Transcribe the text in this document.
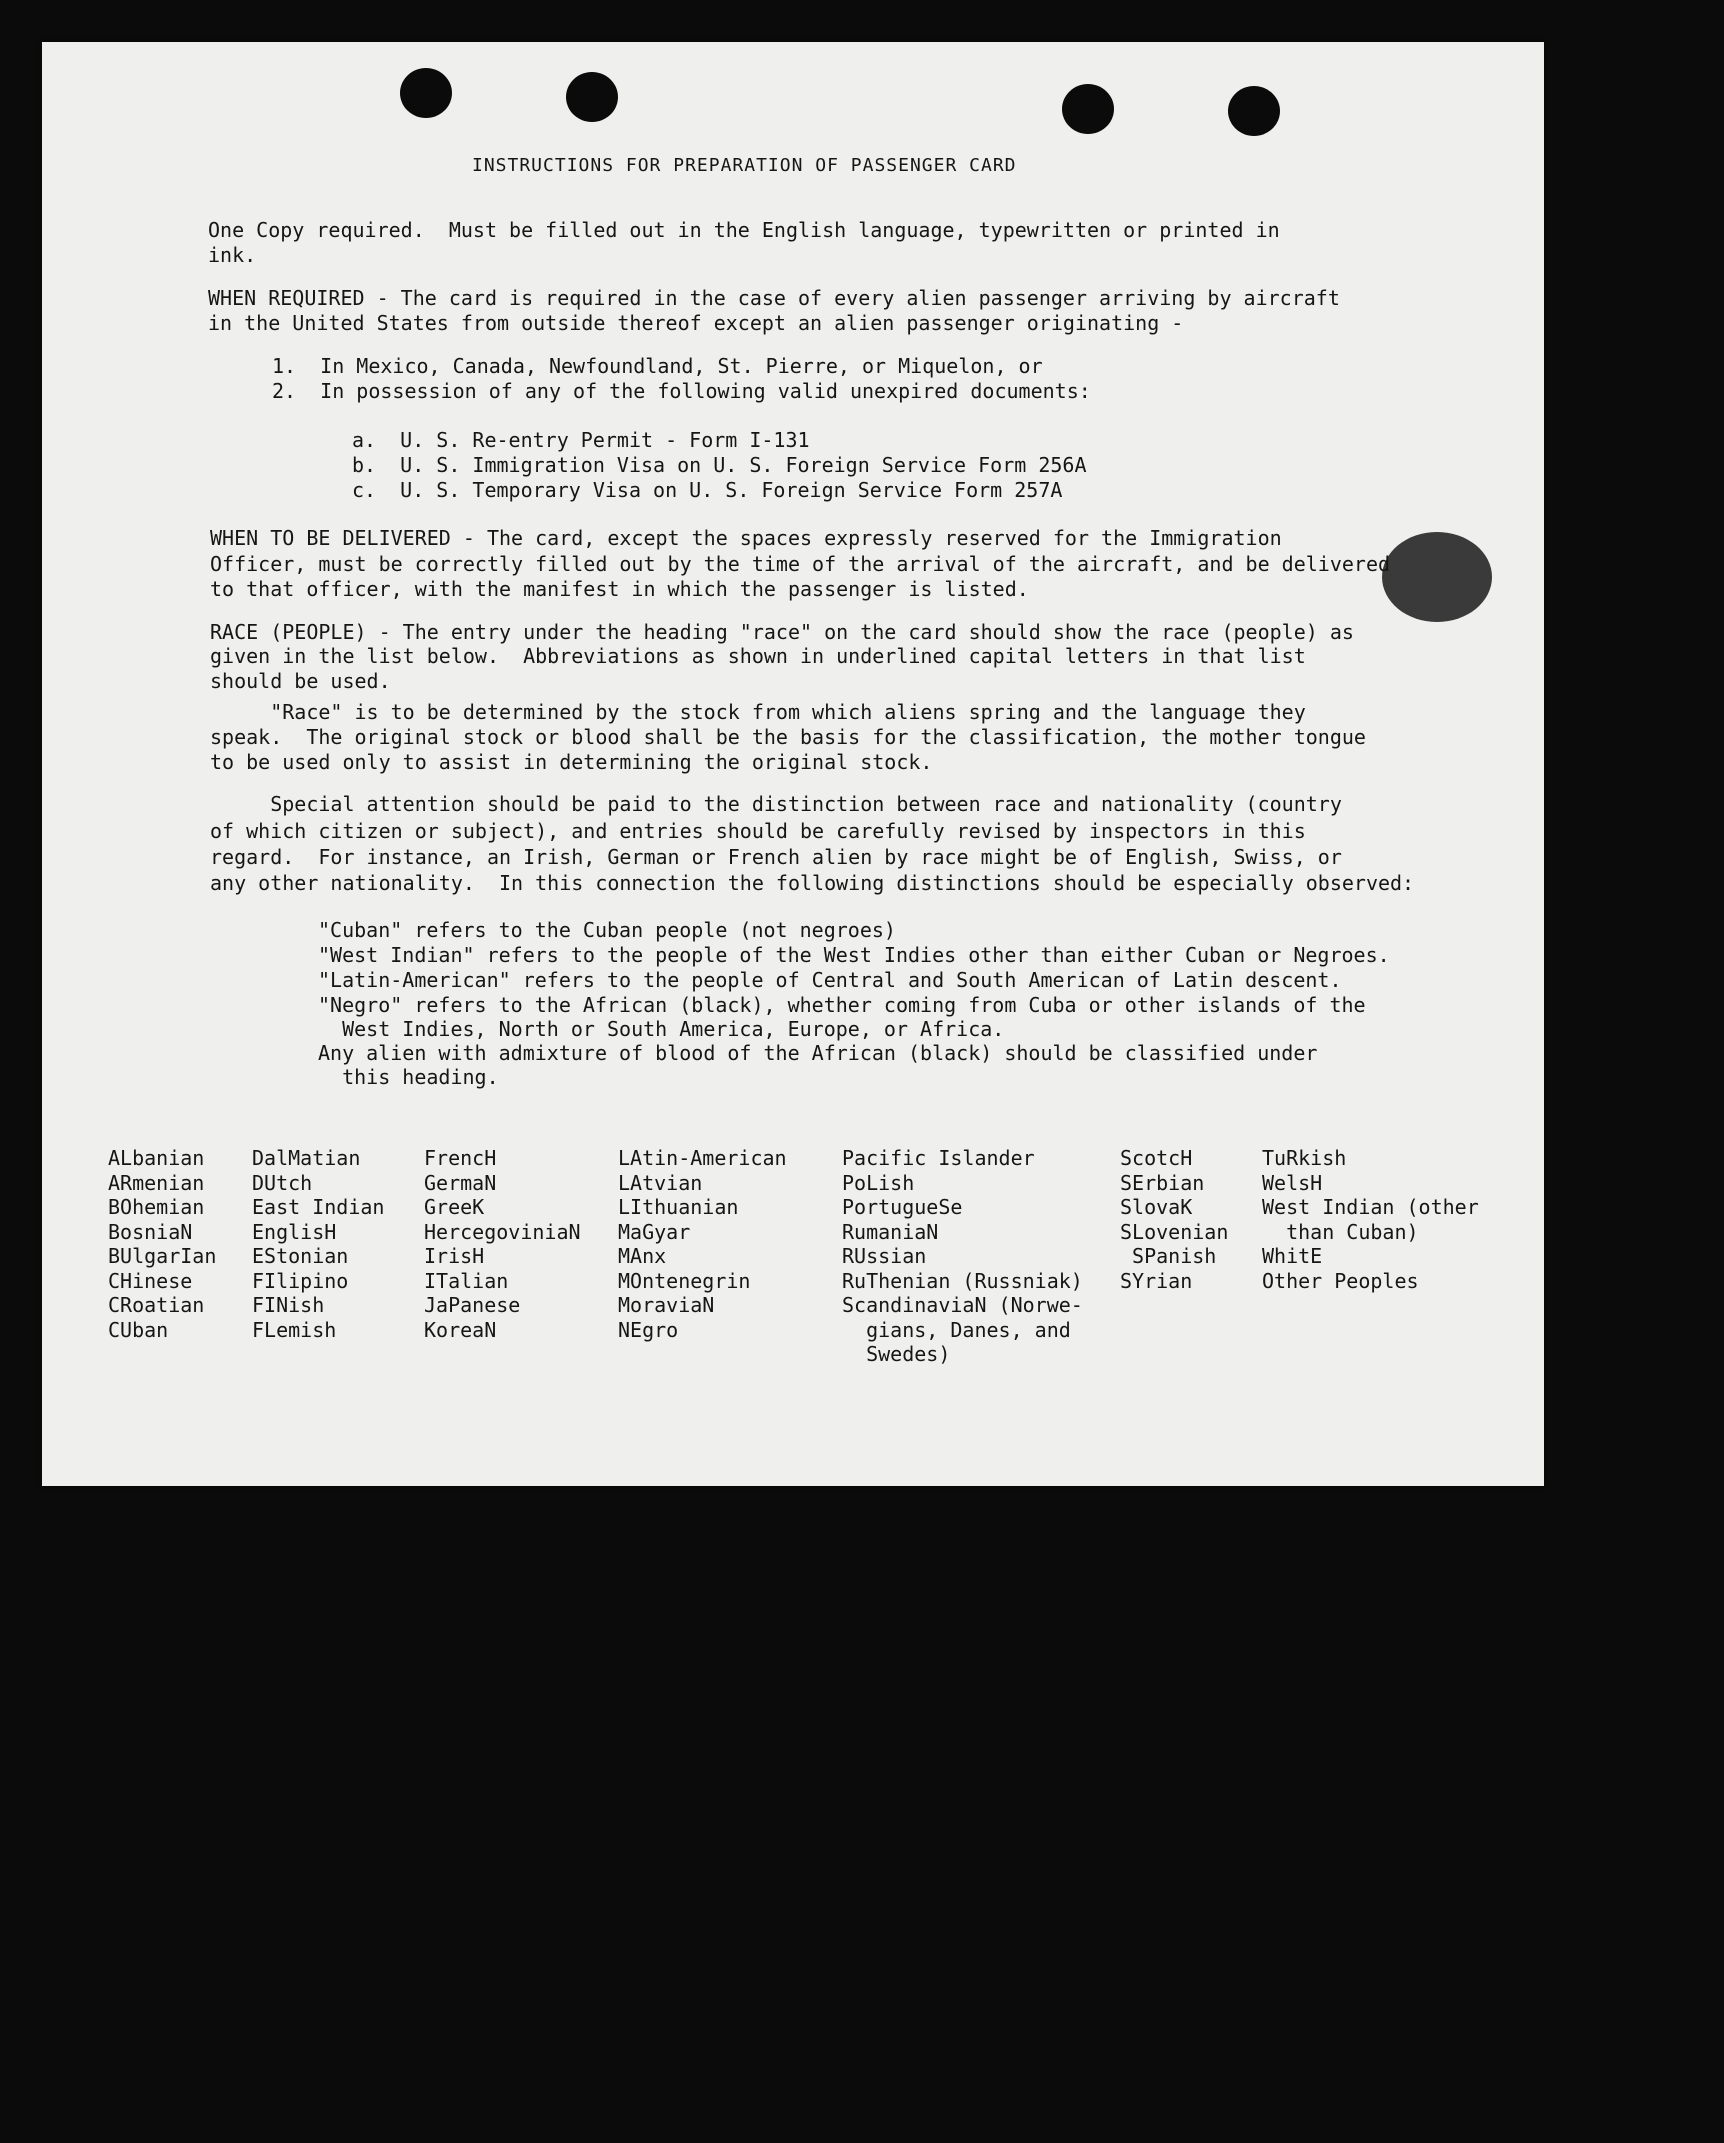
INSTRUCTIONS FOR PREPARATION OF PASSENGER CARD
One Copy required.  Must be filled out in the English language, typewritten or printed in
ink.
WHEN REQUIRED - The card is required in the case of every alien passenger arriving by aircraft
in the United States from outside thereof except an alien passenger originating -
1.  In Mexico, Canada, Newfoundland, St. Pierre, or Miquelon, or
2.  In possession of any of the following valid unexpired documents:
a.  U. S. Re-entry Permit - Form I-131
b.  U. S. Immigration Visa on U. S. Foreign Service Form 256A
c.  U. S. Temporary Visa on U. S. Foreign Service Form 257A
WHEN TO BE DELIVERED - The card, except the spaces expressly reserved for the Immigration
Officer, must be correctly filled out by the time of the arrival of the aircraft, and be delivered
to that officer, with the manifest in which the passenger is listed.
RACE (PEOPLE) - The entry under the heading "race" on the card should show the race (people) as
given in the list below.  Abbreviations as shown in underlined capital letters in that list
should be used.
"Race" is to be determined by the stock from which aliens spring and the language they
speak.  The original stock or blood shall be the basis for the classification, the mother tongue
to be used only to assist in determining the original stock.
Special attention should be paid to the distinction between race and nationality (country
of which citizen or subject), and entries should be carefully revised by inspectors in this
regard.  For instance, an Irish, German or French alien by race might be of English, Swiss, or
any other nationality.  In this connection the following distinctions should be especially observed:
"Cuban" refers to the Cuban people (not negroes)
"West Indian" refers to the people of the West Indies other than either Cuban or Negroes.
"Latin-American" refers to the people of Central and South American of Latin descent.
"Negro" refers to the African (black), whether coming from Cuba or other islands of the
West Indies, North or South America, Europe, or Africa.
Any alien with admixture of blood of the African (black) should be classified under
this heading.
ALbanian
ARmenian
BOhemian
BosniaN
BUlgarIan
CHinese
CRoatian
CUban
DalMatian
DUtch
East Indian
EnglisH
EStonian
FIlipino
FINish
FLemish
FrencH
GermaN
GreeK
HercegoviniaN
IrisH
ITalian
JaPanese
KoreaN
LAtin-American
LAtvian
LIthuanian
MaGyar
MAnx
MOntenegrin
MoraviaN
NEgro
Pacific Islander
PoLish
PortugueSe
RumaniaN
RUssian
RuThenian (Russniak)
ScandinaviaN (Norwe-
gians, Danes, and
Swedes)
ScotcH
SErbian
SlovaK
SLovenian
SPanish
SYrian
TuRkish
WelsH
West Indian (other
than Cuban)
WhitE
Other Peoples
